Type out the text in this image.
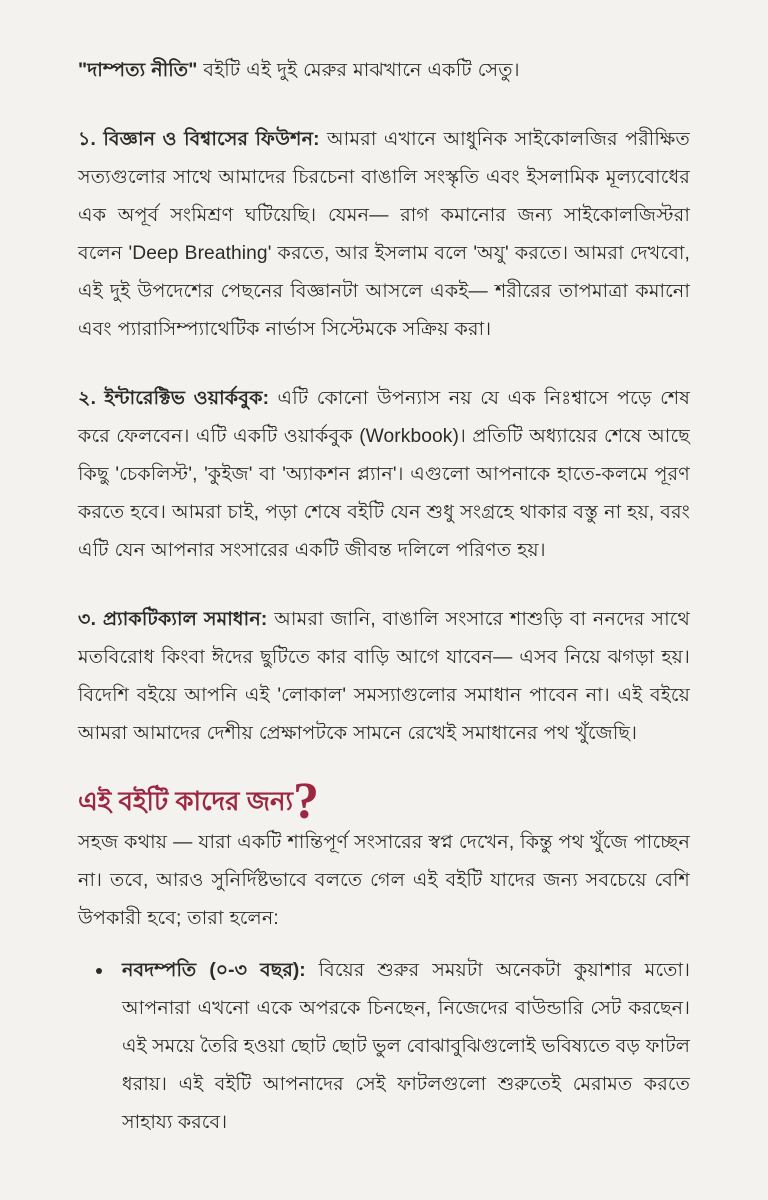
"দাম্পত্য নীতি" বইটি এই দুই মেরুর মাঝখানে একটি সেতু।

১. বিজ্ঞান ও বিশ্বাসের ফিউশন: আমরা এখানে আধুনিক সাইকোলজির পরীক্ষিত সত্যগুলোর সাথে আমাদের চিরচেনা বাঙালি সংস্কৃতি এবং ইসলামিক মূল্যবোধের এক অপূর্ব সংমিশ্রণ ঘটিয়েছি। যেমন— রাগ কমানোর জন্য সাইকোলজিস্টরা বলেন 'Deep Breathing' করতে, আর ইসলাম বলে 'অযু' করতে। আমরা দেখবো, এই দুই উপদেশের পেছনের বিজ্ঞানটা আসলে একই— শরীরের তাপমাত্রা কমানো এবং প্যারাসিম্প্যাথেটিক নার্ভাস সিস্টেমকে সক্রিয় করা।

২. ইন্টারেক্টিভ ওয়ার্কবুক: এটি কোনো উপন্যাস নয় যে এক নিঃশ্বাসে পড়ে শেষ করে ফেলবেন। এটি একটি ওয়ার্কবুক (Workbook)। প্রতিটি অধ্যায়ের শেষে আছে কিছু 'চেকলিস্ট', 'কুইজ' বা 'অ্যাকশন প্ল্যান'। এগুলো আপনাকে হাতে-কলমে পূরণ করতে হবে। আমরা চাই, পড়া শেষে বইটি যেন শুধু সংগ্রহে থাকার বস্তু না হয়, বরং এটি যেন আপনার সংসারের একটি জীবন্ত দলিলে পরিণত হয়।

৩. প্র্যাকটিক্যাল সমাধান: আমরা জানি, বাঙালি সংসারে শাশুড়ি বা ননদের সাথে মতবিরোধ কিংবা ঈদের ছুটিতে কার বাড়ি আগে যাবেন— এসব নিয়ে ঝগড়া হয়। বিদেশি বইয়ে আপনি এই 'লোকাল' সমস্যাগুলোর সমাধান পাবেন না। এই বইয়ে আমরা আমাদের দেশীয় প্রেক্ষাপটকে সামনে রেখেই সমাধানের পথ খুঁজেছি।

এই বইটি কাদের জন্য ?

সহজ কথায় — যারা একটি শান্তিপূর্ণ সংসারের স্বপ্ন দেখেন, কিন্তু পথ খুঁজে পাচ্ছেন না। তবে, আরও সুনির্দিষ্টভাবে বলতে গেল এই বইটি যাদের জন্য সবচেয়ে বেশি উপকারী হবে; তারা হলেন:

নবদম্পতি (০-৩ বছর): বিয়ের শুরুর সময়টা অনেকটা কুয়াশার মতো। আপনারা এখনো একে অপরকে চিনছেন, নিজেদের বাউন্ডারি সেট করছেন। এই সময়ে তৈরি হওয়া ছোট ছোট ভুল বোঝাবুঝিগুলোই ভবিষ্যতে বড় ফাটল ধরায়। এই বইটি আপনাদের সেই ফাটলগুলো শুরুতেই মেরামত করতে সাহায্য করবে।
